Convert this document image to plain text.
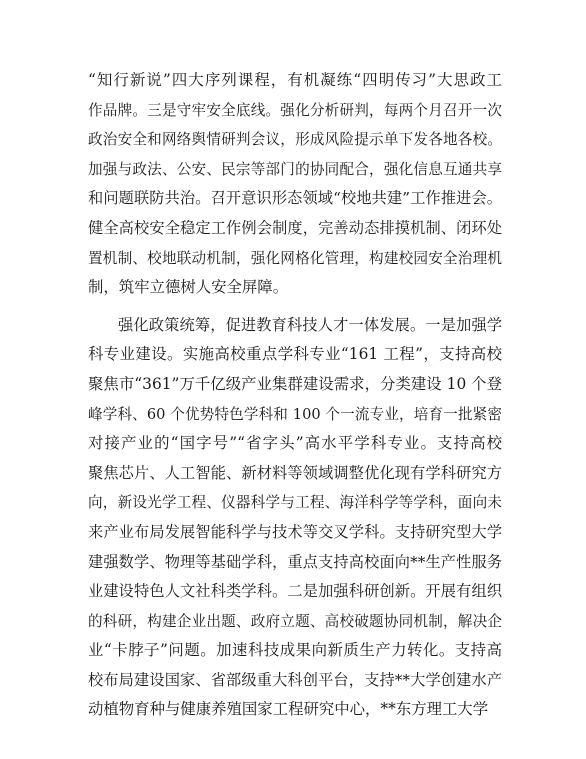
“知行新说”四大序列课程，有机凝练“四明传习”大思政工
作品牌。三是守牢安全底线。强化分析研判，每两个月召开一次
政治安全和网络舆情研判会议，形成风险提示单下发各地各校。
加强与政法、公安、民宗等部门的协同配合，强化信息互通共享
和问题联防共治。召开意识形态领域“校地共建”工作推进会。
健全高校安全稳定工作例会制度，完善动态排摸机制、闭环处
置机制、校地联动机制，强化网格化管理，构建校园安全治理机
制，筑牢立德树人安全屏障。
强化政策统筹，促进教育科技人才一体发展。一是加强学
科专业建设。实施高校重点学科专业“161 工程”，支持高校
聚焦市“361”万千亿级产业集群建设需求，分类建设 10 个登
峰学科、60 个优势特色学科和 100 个一流专业，培育一批紧密
对接产业的“国字号”“省字头”高水平学科专业。支持高校
聚焦芯片、人工智能、新材料等领域调整优化现有学科研究方
向，新设光学工程、仪器科学与工程、海洋科学等学科，面向未
来产业布局发展智能科学与技术等交叉学科。支持研究型大学
建强数学、物理等基础学科，重点支持高校面向**生产性服务
业建设特色人文社科类学科。二是加强科研创新。开展有组织
的科研，构建企业出题、政府立题、高校破题协同机制，解决企
业“卡脖子”问题。加速科技成果向新质生产力转化。支持高
校布局建设国家、省部级重大科创平台，支持**大学创建水产
动植物育种与健康养殖国家工程研究中心，**东方理工大学
